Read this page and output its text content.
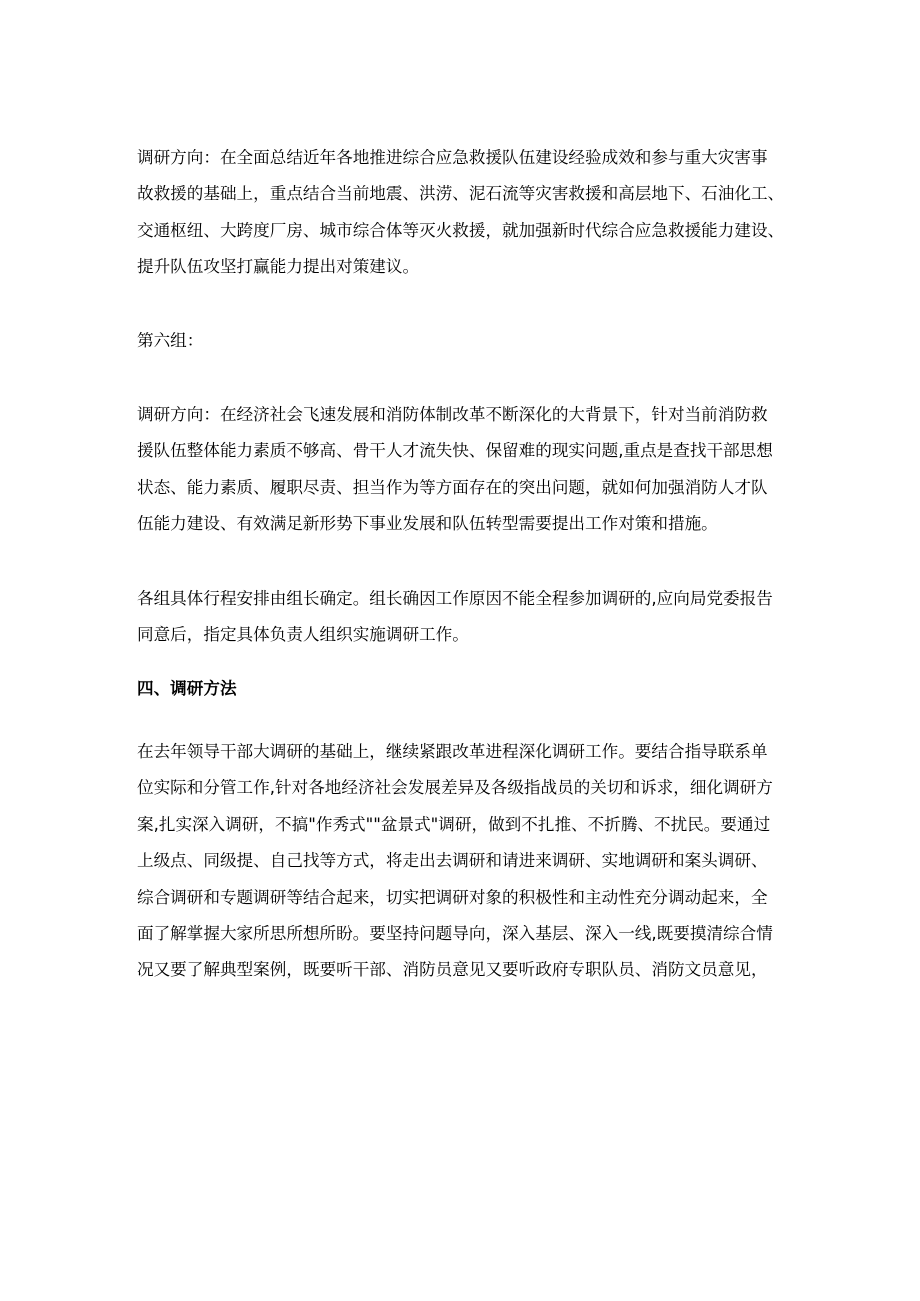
调研方向：在全面总结近年各地推进综合应急救援队伍建设经验成效和参与重大灾害事
故救援的基础上，重点结合当前地震、洪涝、泥石流等灾害救援和高层地下、石油化工、
交通枢纽、大跨度厂房、城市综合体等灭火救援，就加强新时代综合应急救援能力建设、
提升队伍攻坚打赢能力提出对策建议。
第六组：
调研方向：在经济社会飞速发展和消防体制改革不断深化的大背景下，针对当前消防救
援队伍整体能力素质不够高、骨干人才流失快、保留难的现实问题,重点是查找干部思想
状态、能力素质、履职尽责、担当作为等方面存在的突出问题，就如何加强消防人才队
伍能力建设、有效满足新形势下事业发展和队伍转型需要提出工作对策和措施。
各组具体行程安排由组长确定。组长确因工作原因不能全程参加调研的,应向局党委报告
同意后，指定具体负责人组织实施调研工作。
四、调研方法
在去年领导干部大调研的基础上，继续紧跟改革进程深化调研工作。要结合指导联系单
位实际和分管工作,针对各地经济社会发展差异及各级指战员的关切和诉求，细化调研方
案,扎实深入调研，不搞"作秀式""盆景式"调研，做到不扎推、不折腾、不扰民。要通过
上级点、同级提、自己找等方式，将走出去调研和请进来调研、实地调研和案头调研、
综合调研和专题调研等结合起来，切实把调研对象的积极性和主动性充分调动起来，全
面了解掌握大家所思所想所盼。要坚持问题导向，深入基层、深入一线,既要摸清综合情
况又要了解典型案例，既要听干部、消防员意见又要听政府专职队员、消防文员意见，
